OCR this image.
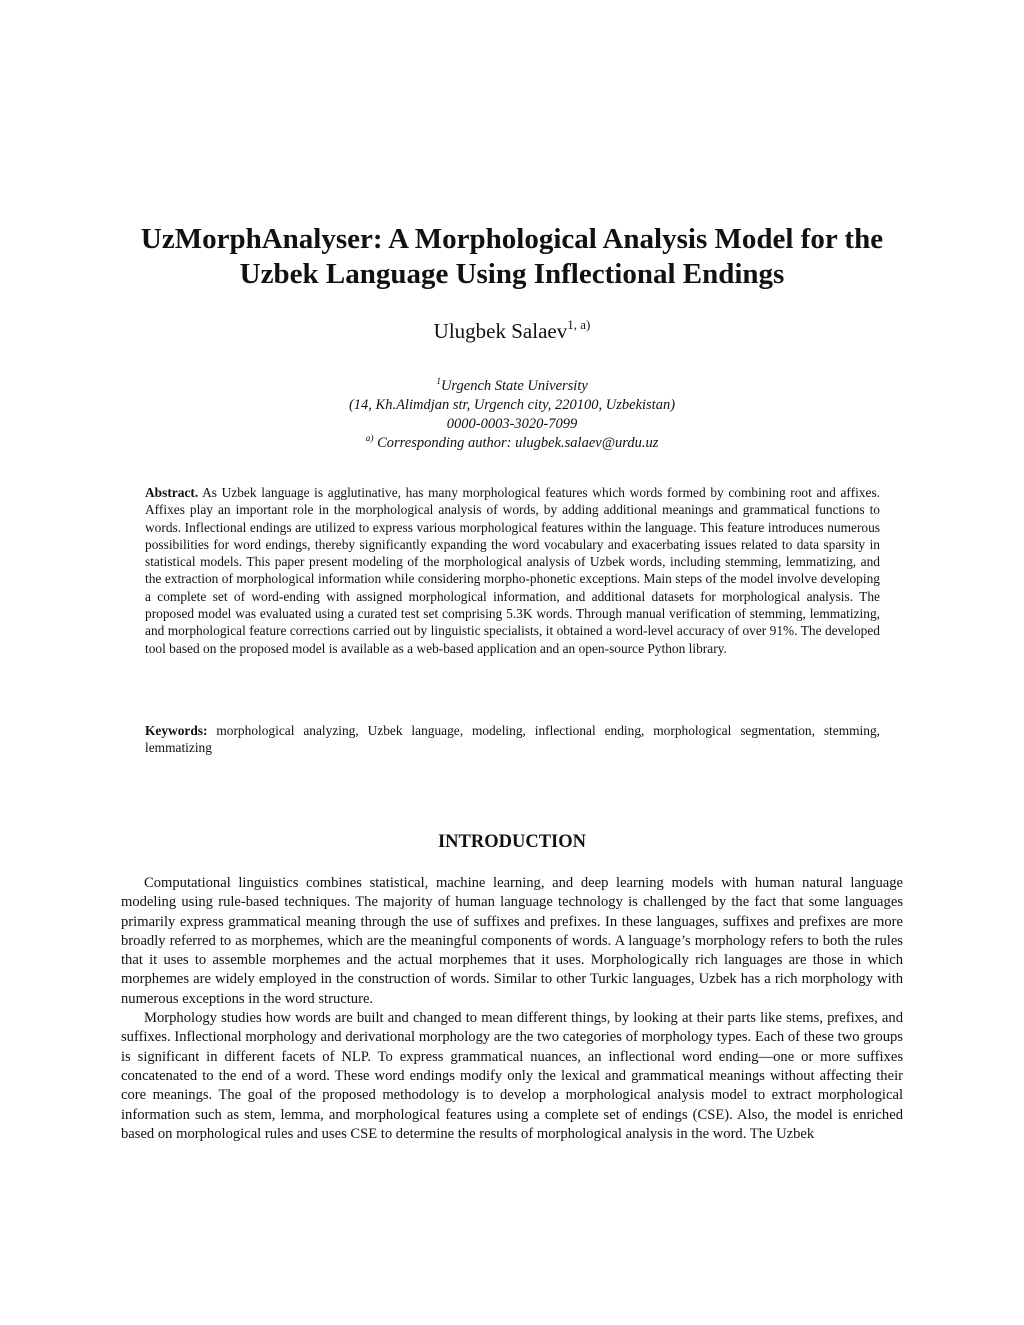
UzMorphAnalyser: A Morphological Analysis Model for the Uzbek Language Using Inflectional Endings
Ulugbek Salaev$^{1, a)}$
$^1$Urgench State University
(14, Kh.Alimdjan str, Urgench city, 220100, Uzbekistan)
0000-0003-3020-7099
$^{a)}$ Corresponding author: ulugbek.salaev@urdu.uz

Abstract. As Uzbek language is agglutinative, has many morphological features which words formed by combining root and affixes. Affixes play an important role in the morphological analysis of words, by adding additional meanings and grammatical functions to words. Inflectional endings are utilized to express various morphological features within the language. This feature introduces numerous possibilities for word endings, thereby significantly expanding the word vocabulary and exacerbating issues related to data sparsity in statistical models. This paper present modeling of the morphological analysis of Uzbek words, including stemming, lemmatizing, and the extraction of morphological information while considering morpho-phonetic exceptions. Main steps of the model involve developing a complete set of word-ending with assigned morphological information, and additional datasets for morphological analysis. The proposed model was evaluated using a curated test set comprising 5.3K words. Through manual verification of stemming, lemmatizing, and morphological feature corrections carried out by linguistic specialists, it obtained a word-level accuracy of over 91%. The developed tool based on the proposed model is available as a web-based application and an open-source Python library.

Keywords: morphological analyzing, Uzbek language, modeling, inflectional ending, morphological segmentation, stemming, lemmatizing

INTRODUCTION

Computational linguistics combines statistical, machine learning, and deep learning models with human natural language modeling using rule-based techniques. The majority of human language technology is challenged by the fact that some languages primarily express grammatical meaning through the use of suffixes and prefixes. In these languages, suffixes and prefixes are more broadly referred to as morphemes, which are the meaningful components of words. A language’s morphology refers to both the rules that it uses to assemble morphemes and the actual morphemes that it uses. Morphologically rich languages are those in which morphemes are widely employed in the construction of words. Similar to other Turkic languages, Uzbek has a rich morphology with numerous exceptions in the word structure.

Morphology studies how words are built and changed to mean different things, by looking at their parts like stems, prefixes, and suffixes. Inflectional morphology and derivational morphology are the two categories of morphology types. Each of these two groups is significant in different facets of NLP. To express grammatical nuances, an inflectional word ending—one or more suffixes concatenated to the end of a word. These word endings modify only the lexical and grammatical meanings without affecting their core meanings. The goal of the proposed methodology is to develop a morphological analysis model to extract morphological information such as stem, lemma, and morphological features using a complete set of endings (CSE). Also, the model is enriched based on morphological rules and uses CSE to determine the results of morphological analysis in the word. The Uzbek
